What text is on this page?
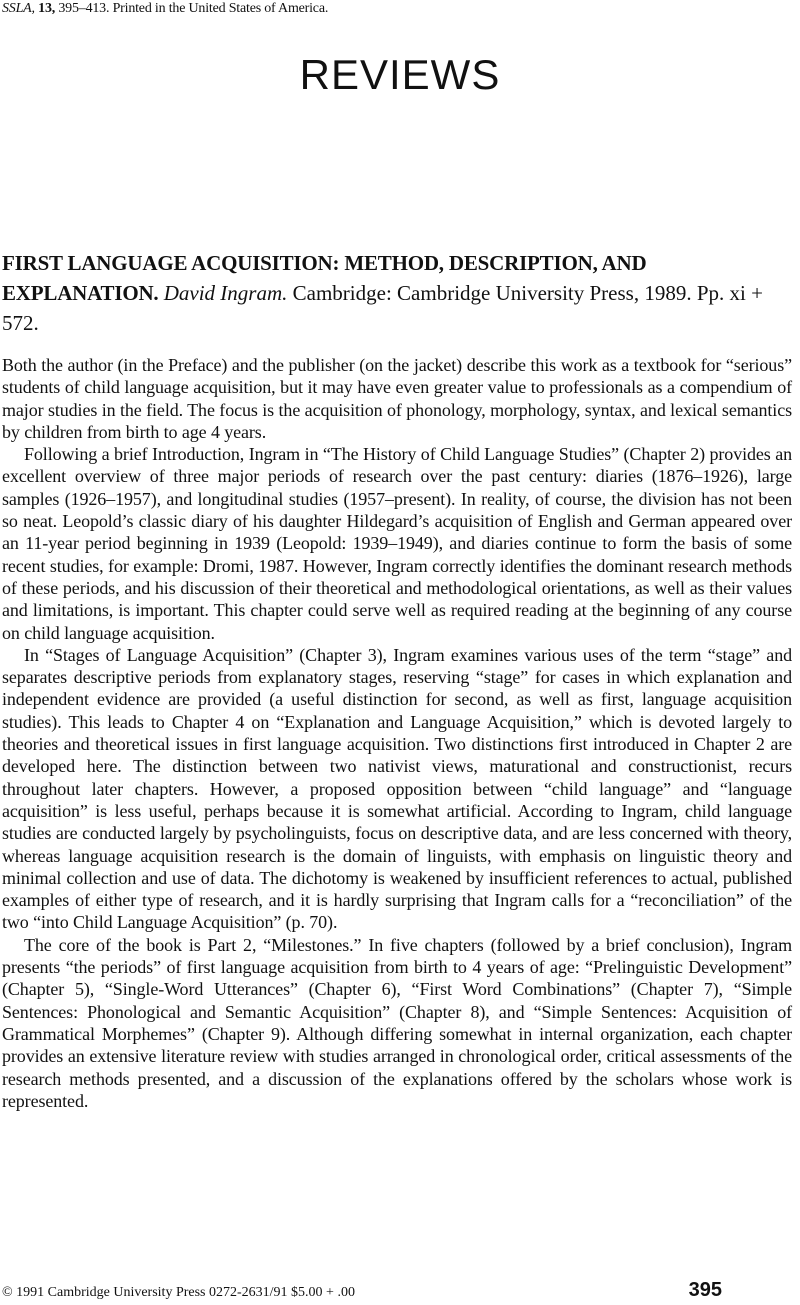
SSLA, 13, 395–413. Printed in the United States of America.
REVIEWS
FIRST LANGUAGE ACQUISITION: METHOD, DESCRIPTION, AND EXPLANATION. David Ingram. Cambridge: Cambridge University Press, 1989. Pp. xi + 572.

Both the author (in the Preface) and the publisher (on the jacket) describe this work as a textbook for “serious” students of child language acquisition, but it may have even greater value to professionals as a compendium of major studies in the field. The focus is the acquisition of phonology, morphology, syntax, and lexical semantics by children from birth to age 4 years.

Following a brief Introduction, Ingram in “The History of Child Language Studies” (Chapter 2) provides an excellent overview of three major periods of research over the past century: diaries (1876–1926), large samples (1926–1957), and longitudinal studies (1957–present). In reality, of course, the division has not been so neat. Leopold’s classic diary of his daughter Hildegard’s acquisition of English and German appeared over an 11-year period beginning in 1939 (Leopold: 1939–1949), and diaries continue to form the basis of some recent studies, for example: Dromi, 1987. However, Ingram correctly identifies the dominant research methods of these periods, and his discussion of their theoretical and methodological orientations, as well as their values and limitations, is important. This chapter could serve well as required reading at the beginning of any course on child language acquisition.

In “Stages of Language Acquisition” (Chapter 3), Ingram examines various uses of the term “stage” and separates descriptive periods from explanatory stages, reserving “stage” for cases in which explanation and independent evidence are provided (a useful distinction for second, as well as first, language acquisition studies). This leads to Chapter 4 on “Explanation and Language Acquisition,” which is devoted largely to theories and theoretical issues in first language acquisition. Two distinctions first introduced in Chapter 2 are developed here. The distinction between two nativist views, maturational and constructionist, recurs throughout later chapters. However, a proposed opposition between “child language” and “language acquisition” is less useful, perhaps because it is somewhat artificial. According to Ingram, child language studies are conducted largely by psycholinguists, focus on descriptive data, and are less concerned with theory, whereas language acquisition research is the domain of linguists, with emphasis on linguistic theory and minimal collection and use of data. The dichotomy is weakened by insufficient references to actual, published examples of either type of research, and it is hardly surprising that Ingram calls for a “reconciliation” of the two “into Child Language Acquisition” (p. 70).

The core of the book is Part 2, “Milestones.” In five chapters (followed by a brief conclusion), Ingram presents “the periods” of first language acquisition from birth to 4 years of age: “Prelinguistic Development” (Chapter 5), “Single-Word Utterances” (Chapter 6), “First Word Combinations” (Chapter 7), “Simple Sentences: Phonological and Semantic Acquisition” (Chapter 8), and “Simple Sentences: Acquisition of Grammatical Morphemes” (Chapter 9). Although differing somewhat in internal organization, each chapter provides an extensive literature review with studies arranged in chronological order, critical assessments of the research methods presented, and a discussion of the explanations offered by the scholars whose work is represented.

© 1991 Cambridge University Press 0272-2631/91 $5.00 + .00	395
